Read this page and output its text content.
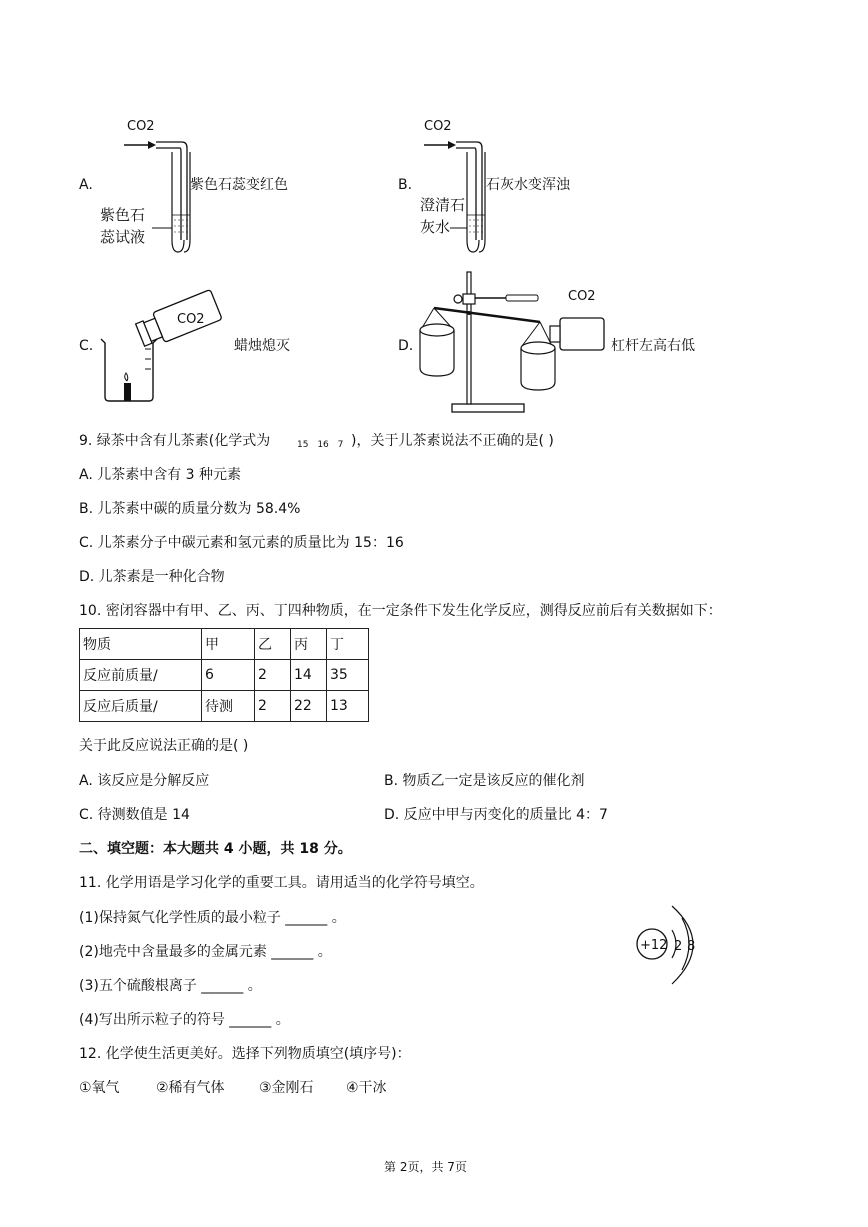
A.
CO2
紫色石
蕊试液
紫色石蕊变红色	B.
CO2
澄清石
灰水
石灰水变浑浊
C.
CO2
蜡烛熄灭	D.
CO2
杠杆左高右低
9. 绿茶中含有儿茶素(化学式为	15 16 7 )，关于儿茶素说法不正确的是( )
A. 儿茶素中含有 3 种元素
B. 儿茶素中碳的质量分数为 58.4%
C. 儿茶素分子中碳元素和氢元素的质量比为 15：16
D. 儿茶素是一种化合物
10. 密闭容器中有甲、乙、丙、丁四种物质，在一定条件下发生化学反应，测得反应前后有关数据如下：
物质	甲	乙	丙	丁
反应前质量/	6	2	14	35
反应后质量/	待测	2	22	13
关于此反应说法正确的是( )
A. 该反应是分解反应	B. 物质乙一定是该反应的催化剂
C. 待测数值是 14	D. 反应中甲与丙变化的质量比 4：7
二、填空题：本大题共 4 小题，共 18 分。
11. 化学用语是学习化学的重要工具。请用适当的化学符号填空。
(1)保持氮气化学性质的最小粒子 ______ 。
(2)地壳中含量最多的金属元素 ______ 。
(3)五个硫酸根离子 ______ 。
(4)写出所示粒子的符号 ______ 。
+12 2 8
12. 化学使生活更美好。选择下列物质填空(填序号)：
①氧气	②稀有气体 ③金刚石 ④干冰
第 2页，共 7页
